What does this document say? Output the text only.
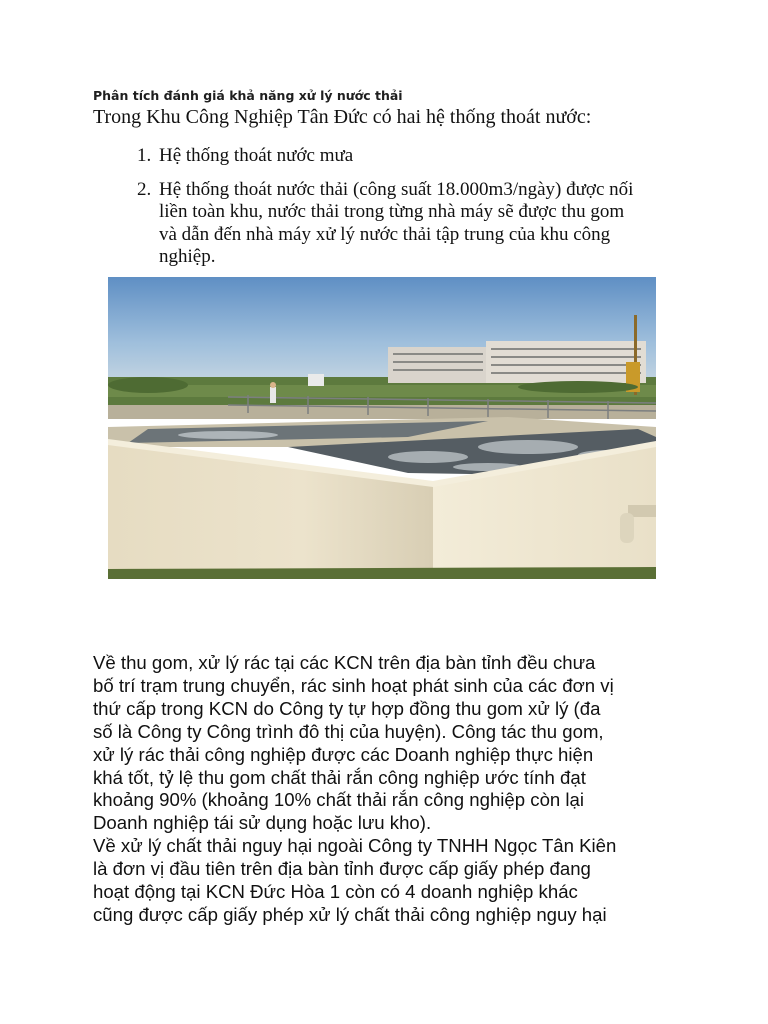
Phân tích đánh giá khả năng xử lý nước thải
Trong Khu Công Nghiệp Tân Đức có hai hệ thống thoát nước:
1. Hệ thống thoát nước mưa
2. Hệ thống thoát nước thải (công suất 18.000m3/ngày) được nối
liền toàn khu, nước thải trong từng nhà máy sẽ được thu gom
và dẫn đến nhà máy xử lý nước thải tập trung của khu công
nghiệp.

Về thu gom, xử lý rác tại các KCN trên địa bàn tỉnh đều chưa
bố trí trạm trung chuyển, rác sinh hoạt phát sinh của các đơn vị
thứ cấp trong KCN do Công ty tự hợp đồng thu gom xử lý (đa
số là Công ty Công trình đô thị của huyện). Công tác thu gom,
xử lý rác thải công nghiệp được các Doanh nghiệp thực hiện
khá tốt, tỷ lệ thu gom chất thải rắn công nghiệp ước tính đạt
khoảng 90% (khoảng 10% chất thải rắn công nghiệp còn lại
Doanh nghiệp tái sử dụng hoặc lưu kho).

Về xử lý chất thải nguy hại ngoài Công ty TNHH Ngọc Tân Kiên
là đơn vị đầu tiên trên địa bàn tỉnh được cấp giấy phép đang
hoạt động tại KCN Đức Hòa 1 còn có 4 doanh nghiệp khác
cũng được cấp giấy phép xử lý chất thải công nghiệp nguy hại
